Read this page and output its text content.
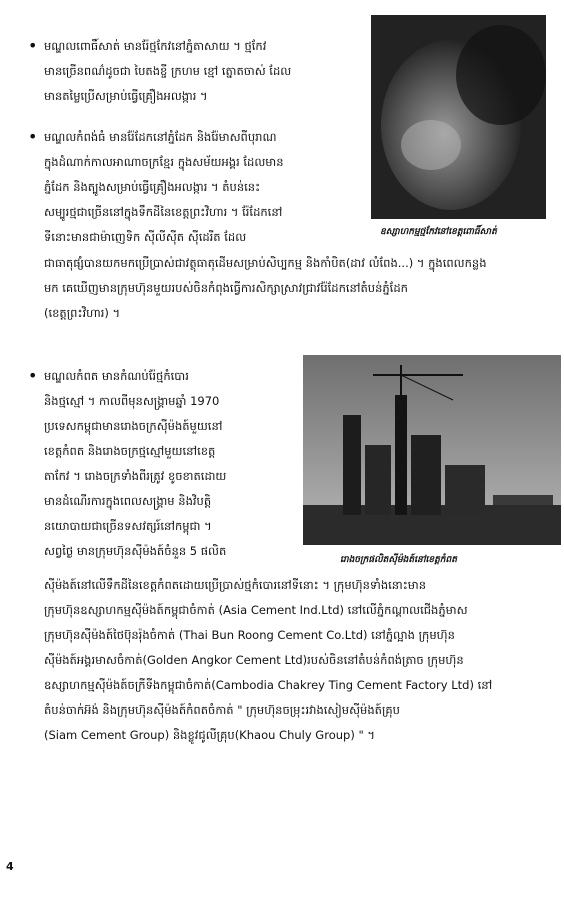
• មណ្ឌលពោធិ៍សាត់ មានរ៉ែថ្មកែវនៅភ្នំតាសាយ ។ ថ្មកែវ
មានច្រើនពណ៌ដូចជា បៃតងខ្ចី ក្រហម ខ្មៅ ត្នោតចាស់ ដែល
មានតម្លៃប្រើសម្រាប់ធ្វើគ្រឿងអលង្ការ ។
ឧស្សាហកម្មថ្មកែវនៅខេត្តពោធិ៍សាត់
• មណ្ឌលកំពង់ធំ មានរ៉ែដែកនៅភ្នំដែក និងរ៉ែមាសពីបុរាណ
ក្នុងដំណាក់កាលអាណាចក្រខ្មែរ ក្នុងសម័យអង្គរ ដែលមាន
ភ្នំដែក និងត្បូងសម្រាប់ធ្វើគ្រឿងអលង្ការ ។ តំបន់នេះ
សម្បូរថ្មជាច្រើននៅក្នុងទឹកដីនៃខេត្តព្រះវិហារ ។ រ៉ែដែកនៅ
ទីនោះមានជាម៉ាញេទិក ស៊ីលីស៊ីត ស៊ីដេរីត ដែល
ជាធាតុផ្សំបានយកមកប្រើប្រាស់ជាវត្ថុធាតុដើមសម្រាប់សិប្បកម្ម និងកាំបិត(ដាវ លំពែង...) ។ ក្នុងពេលកន្លង
មក គេឃើញមានក្រុមហ៊ុនមួយរបស់ចិនកំពុងធ្វើការសិក្សាស្រាវជ្រាវរ៉ែដែកនៅតំបន់ភ្នំដែក
(ខេត្តព្រះវិហារ) ។
រោងចក្រផលិតស៊ីម៉ងត៍នៅខេត្តកំពត
• មណ្ឌលកំពត មានកំណប់រ៉ែថ្មកំបោរ
និងថ្មស្មៅ ។ កាលពីមុនសង្គ្រាមឆ្នាំ 1970
ប្រទេសកម្ពុជាមានរោងចក្រស៊ីម៉ងត៍មួយនៅ
ខេត្តកំពត និងរោងចក្រថ្មស្មៅមួយនៅខេត្ត
តាកែវ ។ រោងចក្រទាំងពីរត្រូវ ខូចខាតដោយ
មានដំណើរការក្នុងពេលសង្គ្រាម និងវិបត្តិ
នយោបាយជាច្រើនទសវត្សរ៍នៅកម្ពុជា ។
សព្វថ្ងៃ មានក្រុមហ៊ុនស៊ីម៉ងត៍ចំនួន 5 ផលិត
ស៊ីម៉ងត៍នៅលើទឹកដីនៃខេត្តកំពតដោយប្រើប្រាស់ថ្មកំបោរនៅទីនោះ ។ ក្រុមហ៊ុនទាំងនោះមាន
ក្រុមហ៊ុនឧស្សាហកម្មស៊ីម៉ងត៍កម្ពុជាចំកាត់ (Asia Cement Ind.Ltd) នៅលើភ្នំកណ្តាលជើងភ្នំមាស
ក្រុមហ៊ុនស៊ីម៉ងត៍ថៃប៊ុនរ៉ុងចំកាត់ (Thai Bun Roong Cement Co.Ltd) នៅភ្នំល្អាង ក្រុមហ៊ុន
ស៊ីម៉ងត៍អង្គរមាសចំកាត់(Golden Angkor Cement Ltd)របស់ចិននៅតំបន់កំពង់ត្រាច ក្រុមហ៊ុន
ឧស្សាហកម្មស៊ីម៉ងត៍ចក្រីទីងកម្ពុជាចំកាត់(Cambodia Chakrey Ting Cement Factory Ltd) នៅ
តំបន់ចាក់អ៊ង់ និងក្រុមហ៊ុនស៊ីម៉ងត៍កំពតចំកាត់ " ក្រុមហ៊ុនចម្រុះរវាងសៀមស៊ីម៉ងត៍គ្រុប
(Siam Cement Group) និងខ្លូវជូលីគ្រុប(Khaou Chuly Group) " ។
4
